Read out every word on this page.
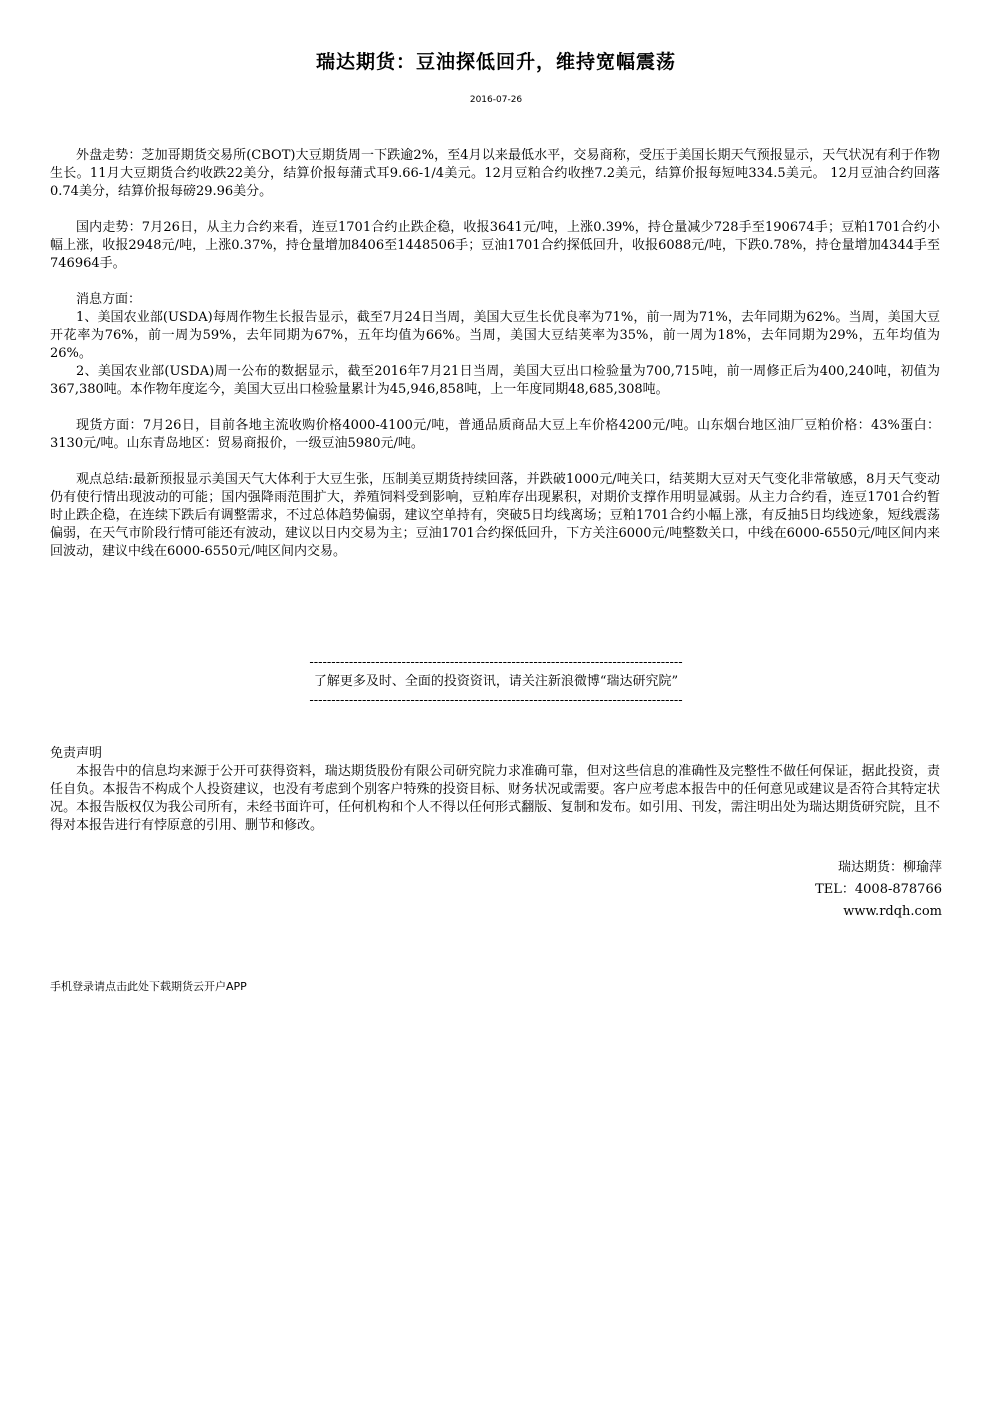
瑞达期货：豆油探低回升，维持宽幅震荡
2016-07-26

外盘走势：芝加哥期货交易所(CBOT)大豆期货周一下跌逾2%，至4月以来最低水平，交易商称，受压于美国长期天气预报显示，天气状况有利于作物生长。11月大豆期货合约收跌22美分，结算价报每蒲式耳9.66-1/4美元。12月豆粕合约收挫7.2美元，结算价报每短吨334.5美元。 12月豆油合约回落0.74美分，结算价报每磅29.96美分。

国内走势：7月26日，从主力合约来看，连豆1701合约止跌企稳，收报3641元/吨，上涨0.39%，持仓量减少728手至190674手；豆粕1701合约小幅上涨，收报2948元/吨，上涨0.37%，持仓量增加8406至1448506手；豆油1701合约探低回升，收报6088元/吨，下跌0.78%，持仓量增加4344手至746964手。

消息方面：

1、美国农业部(USDA)每周作物生长报告显示，截至7月24日当周，美国大豆生长优良率为71%，前一周为71%，去年同期为62%。当周，美国大豆开花率为76%，前一周为59%，去年同期为67%，五年均值为66%。当周，美国大豆结荚率为35%，前一周为18%，去年同期为29%，五年均值为26%。

2、美国农业部(USDA)周一公布的数据显示，截至2016年7月21日当周，美国大豆出口检验量为700,715吨，前一周修正后为400,240吨，初值为367,380吨。本作物年度迄今，美国大豆出口检验量累计为45,946,858吨，上一年度同期48,685,308吨。

现货方面：7月26日，目前各地主流收购价格4000-4100元/吨，普通品质商品大豆上车价格4200元/吨。山东烟台地区油厂豆粕价格：43%蛋白：3130元/吨。山东青岛地区：贸易商报价，一级豆油5980元/吨。

观点总结:最新预报显示美国天气大体利于大豆生张，压制美豆期货持续回落，并跌破1000元/吨关口，结荚期大豆对天气变化非常敏感，8月天气变动仍有使行情出现波动的可能；国内强降雨范围扩大，养殖饲料受到影响，豆粕库存出现累积，对期价支撑作用明显减弱。从主力合约看，连豆1701合约暂时止跌企稳，在连续下跌后有调整需求，不过总体趋势偏弱，建议空单持有，突破5日均线离场；豆粕1701合约小幅上涨，有反抽5日均线迹象，短线震荡偏弱，在天气市阶段行情可能还有波动，建议以日内交易为主；豆油1701合约探低回升，下方关注6000元/吨整数关口，中线在6000-6550元/吨区间内来回波动，建议中线在6000-6550元/吨区间内交易。

-------------------------------------------------------------------------------------
了解更多及时、全面的投资资讯，请关注新浪微博“瑞达研究院”
-------------------------------------------------------------------------------------
免责声明

本报告中的信息均来源于公开可获得资料，瑞达期货股份有限公司研究院力求准确可靠，但对这些信息的准确性及完整性不做任何保证，据此投资，责任自负。本报告不构成个人投资建议，也没有考虑到个别客户特殊的投资目标、财务状况或需要。客户应考虑本报告中的任何意见或建议是否符合其特定状况。本报告版权仅为我公司所有，未经书面许可，任何机构和个人不得以任何形式翻版、复制和发布。如引用、刊发，需注明出处为瑞达期货研究院，且不得对本报告进行有悖原意的引用、删节和修改。

瑞达期货：柳瑜萍
TEL：4008-878766
www.rdqh.com
手机登录请点击此处下载期货云开户APP
